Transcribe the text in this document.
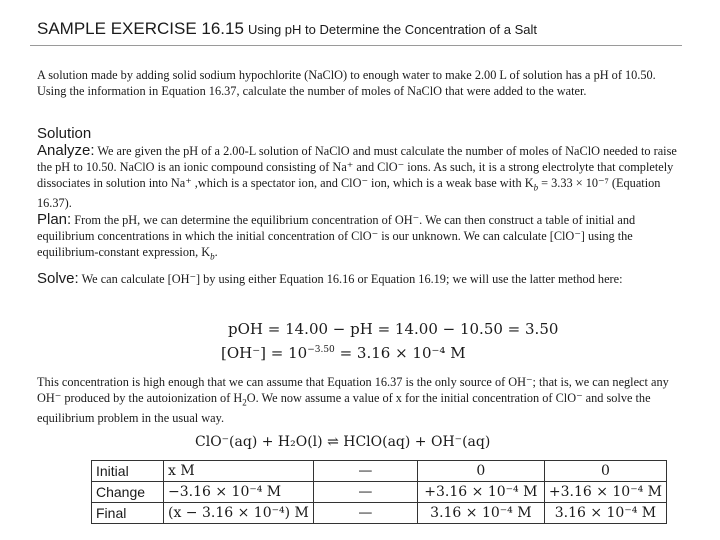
SAMPLE EXERCISE 16.15 Using pH to Determine the Concentration of a Salt
A solution made by adding solid sodium hypochlorite (NaClO) to enough water to make 2.00 L of solution has a pH of 10.50. Using the information in Equation 16.37, calculate the number of moles of NaClO that were added to the water.
Solution
Analyze: We are given the pH of a 2.00-L solution of NaClO and must calculate the number of moles of NaClO needed to raise the pH to 10.50. NaClO is an ionic compound consisting of Na⁺ and ClO⁻ ions. As such, it is a strong electrolyte that completely dissociates in solution into Na⁺ ,which is a spectator ion, and ClO⁻ ion, which is a weak base with $K_b = 3.33 \times 10^{-7}$ (Equation 16.37).
Plan: From the pH, we can determine the equilibrium concentration of OH⁻. We can then construct a table of initial and equilibrium concentrations in which the initial concentration of ClO⁻ is our unknown. We can calculate [ClO⁻] using the equilibrium-constant expression, $K_b$.
Solve: We can calculate [OH⁻] by using either Equation 16.16 or Equation 16.19; we will use the latter method here:
pOH = 14.00 − pH = 14.00 − 10.50 = 3.50
$[OH^-] = 10^{-3.50} = 3.16 \times 10^{-4}$ M
This concentration is high enough that we can assume that Equation 16.37 is the only source of OH⁻; that is, we can neglect any OH⁻ produced by the autoionization of $H_2O$. We now assume a value of x for the initial concentration of ClO⁻ and solve the equilibrium problem in the usual way.
ClO⁻(aq) + H₂O(l) ⇌ HClO(aq) + OH⁻(aq)
Initial	x M	—	0	0
Change	−3.16 × 10⁻⁴ M	—	+3.16 × 10⁻⁴ M	+3.16 × 10⁻⁴ M
Final	(x − 3.16 × 10⁻⁴) M	—	3.16 × 10⁻⁴ M	3.16 × 10⁻⁴ M
